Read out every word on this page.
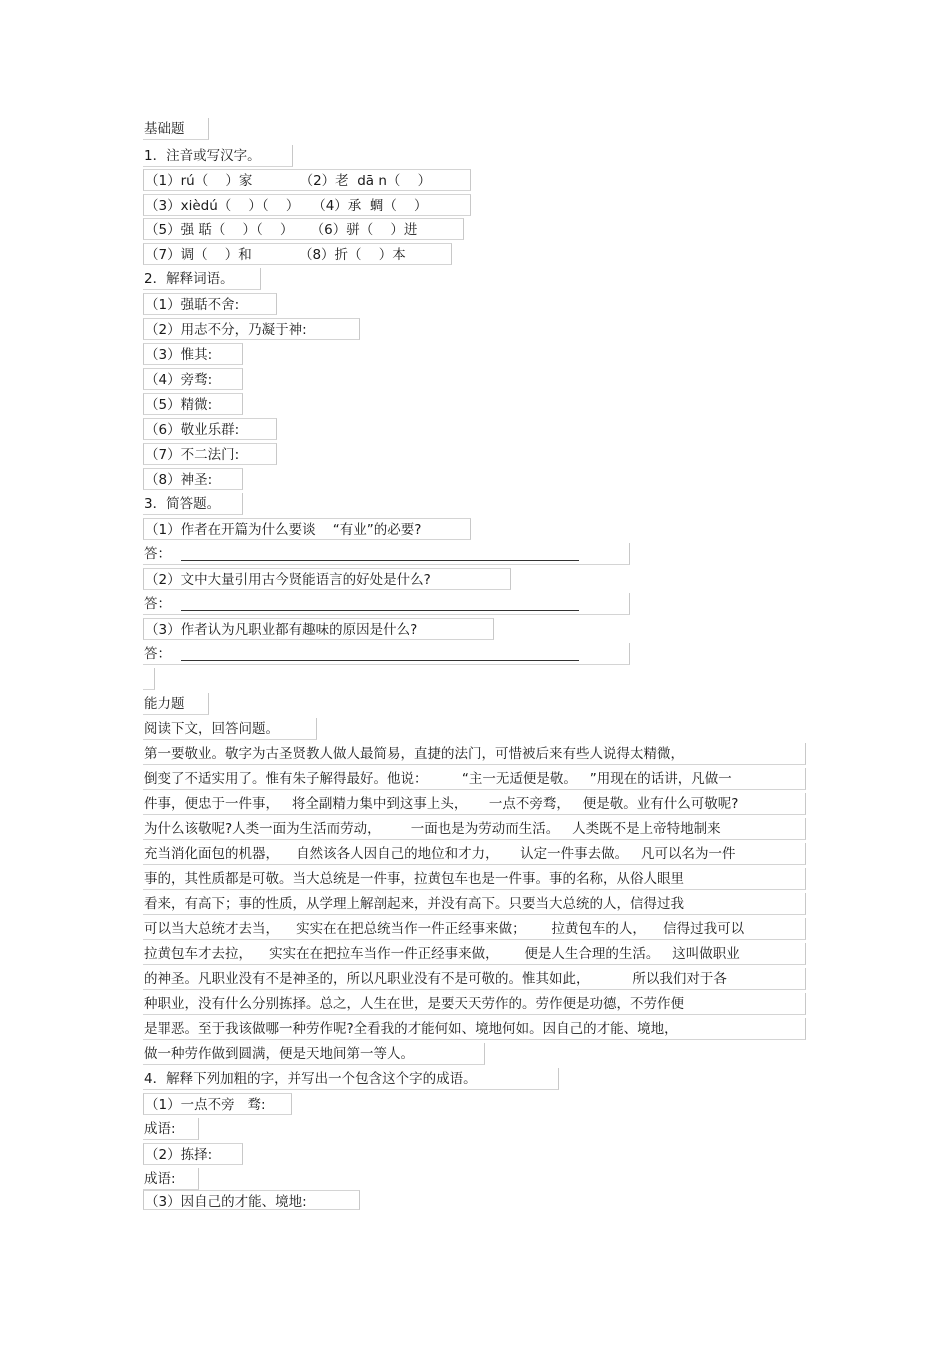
基础题
1．注音或写汉字。
（1）rú（    ）家           （2）老  dā n（    ）
（3）xièdú（    ）（    ）   （4）承  蜩（    ）
（5）强 聒（    ）（    ）    （6）骈（    ）进
（7）调（    ）和           （8）折（    ）本
2．解释词语。
（1）强聒不舍:
（2）用志不分，乃凝于神:
（3）惟其:
（4）旁骛:
（5）精微:
（6）敬业乐群:
（7）不二法门:
（8）神圣:
3．简答题。
（1）作者在开篇为什么要谈    “有业”的必要?
答：
（2）文中大量引用古今贤能语言的好处是什么?
答：
（3）作者认为凡职业都有趣味的原因是什么?
答：
能力题
阅读下文，回答问题。
第一要敬业。敬字为古圣贤教人做人最简易，直捷的法门，可惜被后来有些人说得太精微，
倒变了不适实用了。惟有朱子解得最好。他说：        “主一无适便是敬。   ”用现在的话讲，凡做一
件事，便忠于一件事，   将全副精力集中到这事上头，     一点不旁骛，   便是敬。业有什么可敬呢?
为什么该敬呢?人类一面为生活而劳动，       一面也是为劳动而生活。   人类既不是上帝特地制来
充当消化面包的机器，    自然该各人因自己的地位和才力，     认定一件事去做。   凡可以名为一件
事的，其性质都是可敬。当大总统是一件事，拉黄包车也是一件事。事的名称，从俗人眼里
看来，有高下；事的性质，从学理上解剖起来，并没有高下。只要当大总统的人，信得过我
可以当大总统才去当，    实实在在把总统当作一件正经事来做；      拉黄包车的人，    信得过我可以
拉黄包车才去拉，    实实在在把拉车当作一件正经事来做，      便是人生合理的生活。   这叫做职业
的神圣。凡职业没有不是神圣的，所以凡职业没有不是可敬的。惟其如此，          所以我们对于各
种职业，没有什么分别拣择。总之，人生在世，是要天天劳作的。劳作便是功德，不劳作便
是罪恶。至于我该做哪一种劳作呢?全看我的才能何如、境地何如。因自己的才能、境地，
做一种劳作做到圆满，便是天地间第一等人。
4．解释下列加粗的字，并写出一个包含这个字的成语。
（1）一点不旁   骛:
成语:
（2）拣择:
成语:
（3）因自己的才能、境地:
